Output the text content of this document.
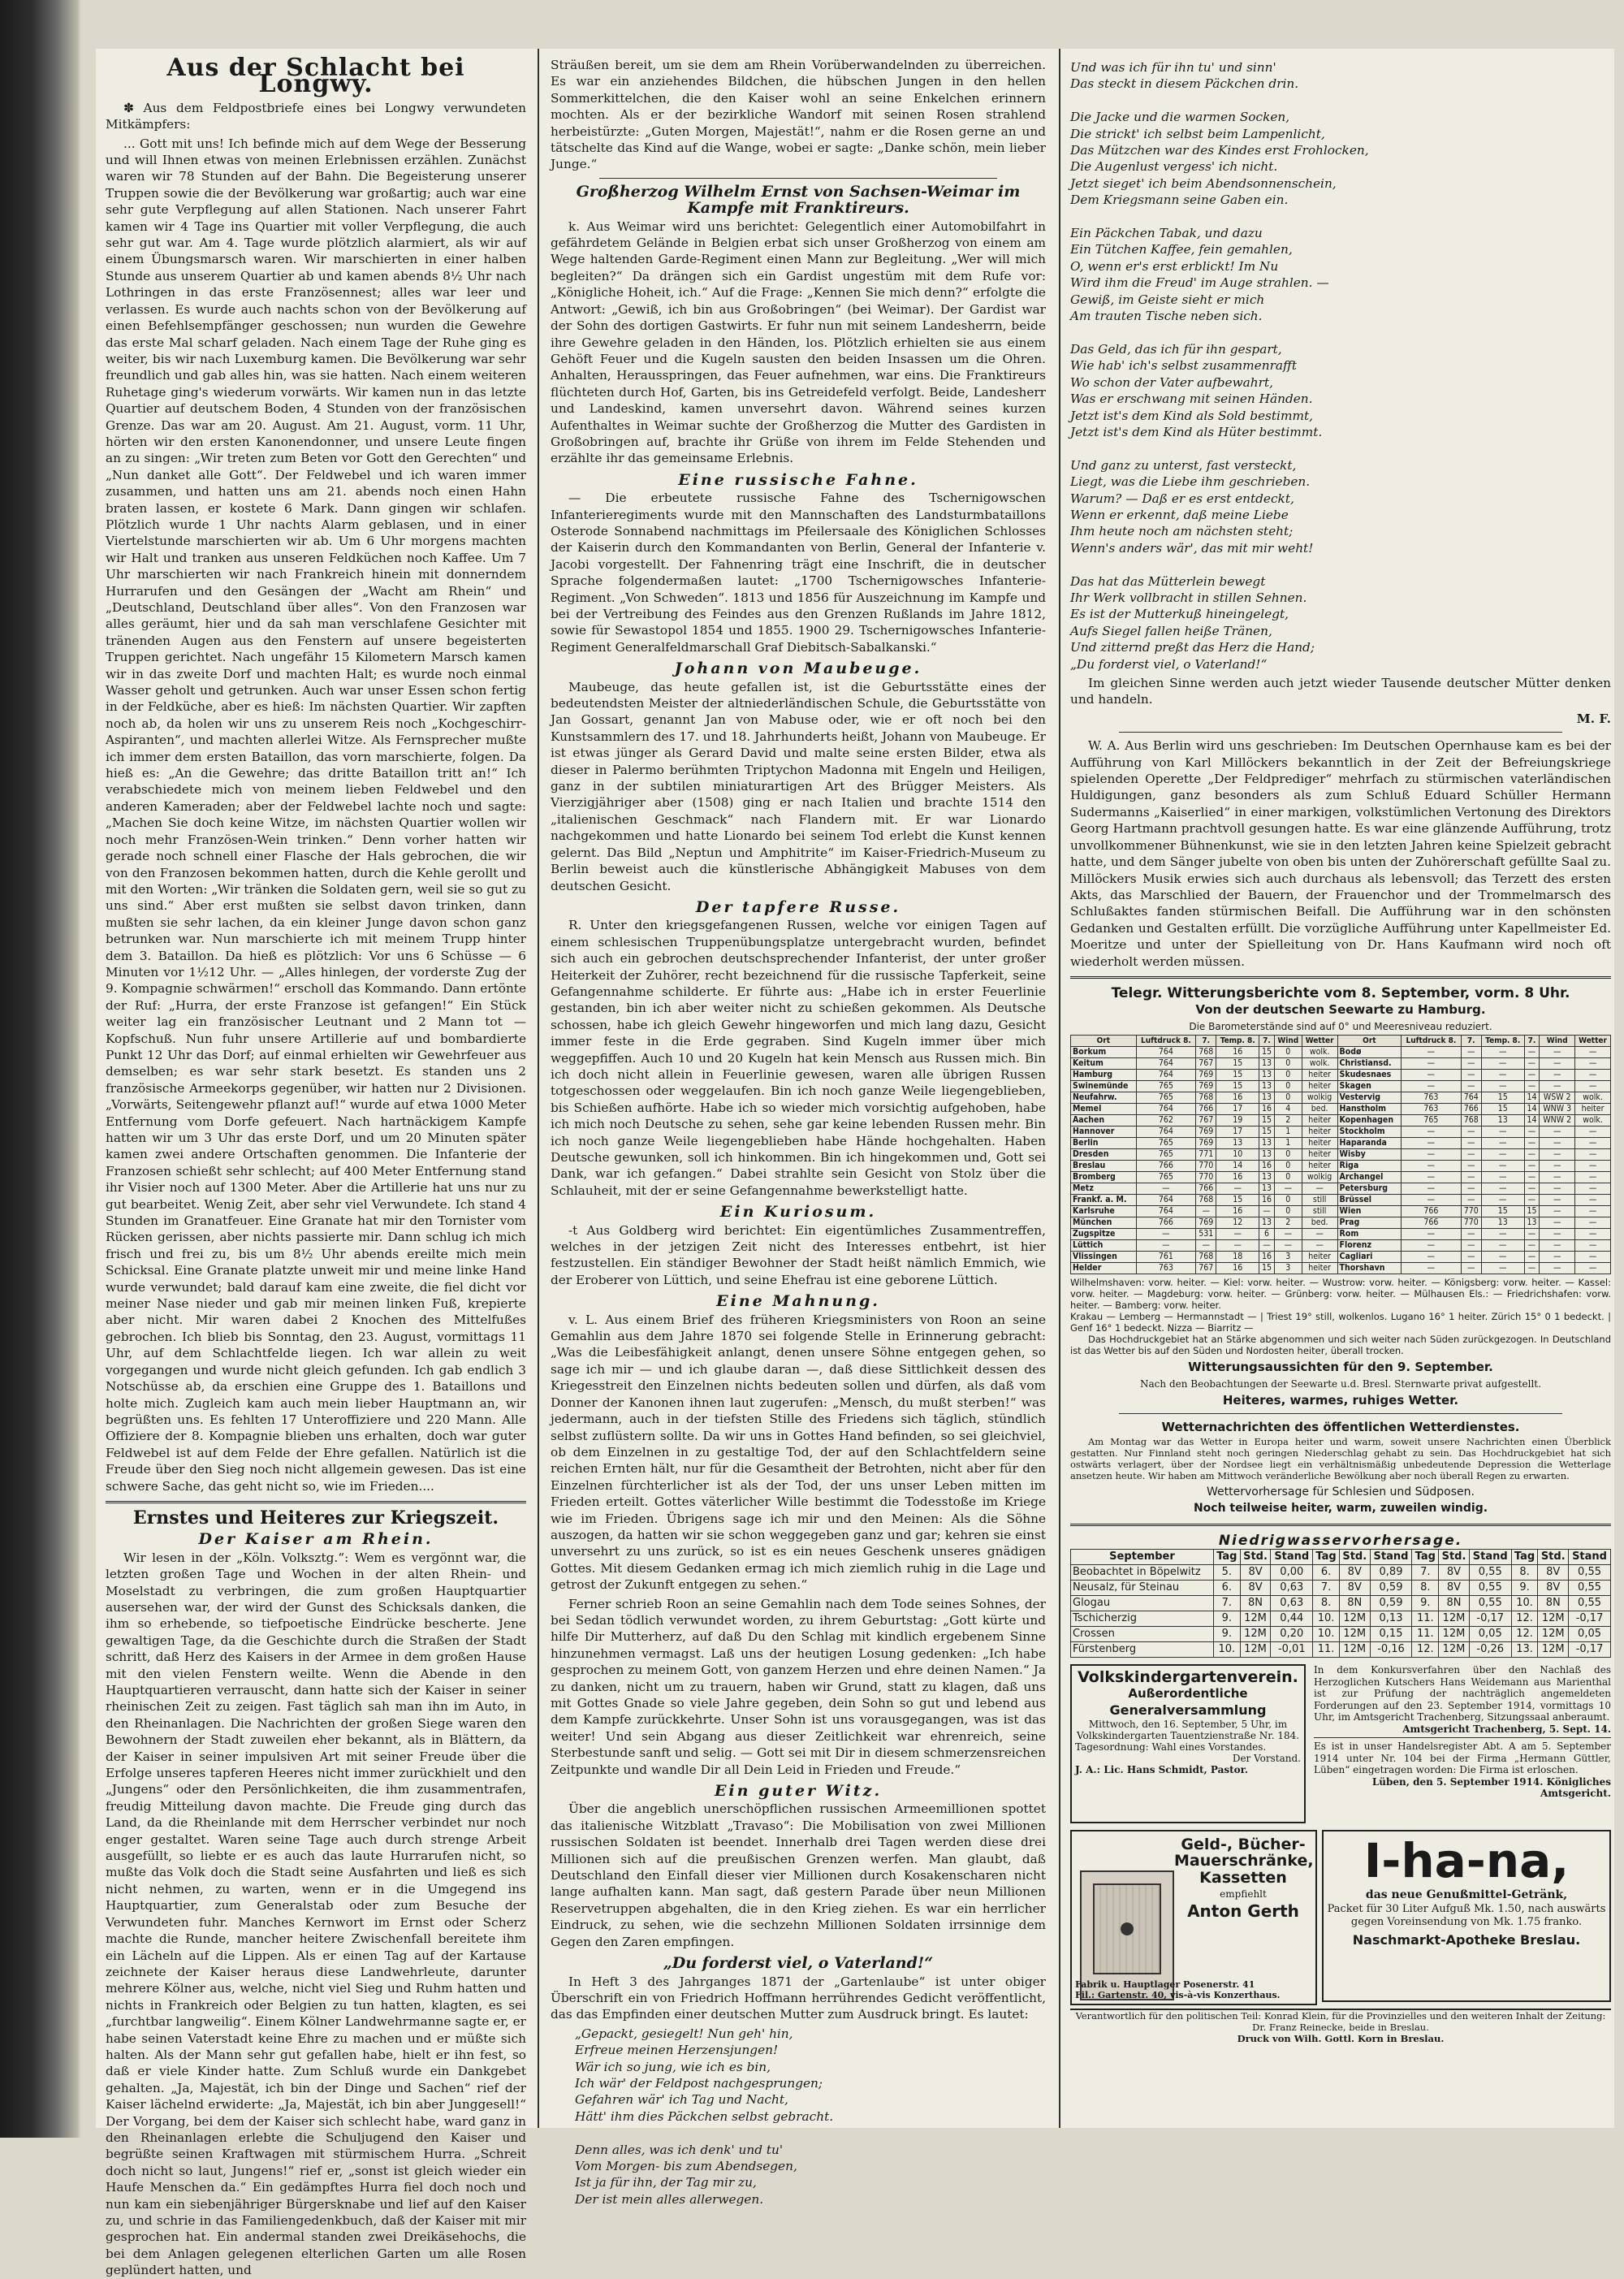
Aus der Schlacht bei Longwy.

✽ Aus dem Feldpostbriefe eines bei Longwy verwundeten Mitkämpfers:

... Gott mit uns! Ich befinde mich auf dem Wege der Besserung und will Ihnen etwas von meinen Erlebnissen erzählen. Zunächst waren wir 78 Stunden auf der Bahn. Die Begeisterung unserer Truppen sowie die der Bevölkerung war großartig; auch war eine sehr gute Verpflegung auf allen Stationen. Nach unserer Fahrt kamen wir 4 Tage ins Quartier mit voller Verpflegung, die auch sehr gut war. Am 4. Tage wurde plötzlich alarmiert, als wir auf einem Übungsmarsch waren. Wir marschierten in einer halben Stunde aus unserem Quartier ab und kamen abends 8½ Uhr nach Lothringen in das erste Französennest; alles war leer und verlassen. Es wurde auch nachts schon von der Bevölkerung auf einen Befehlsempfänger geschossen; nun wurden die Gewehre das erste Mal scharf geladen. Nach einem Tage der Ruhe ging es weiter, bis wir nach Luxemburg kamen. Die Bevölkerung war sehr freundlich und gab alles hin, was sie hatten. Nach einem weiteren Ruhetage ging's wiederum vorwärts. Wir kamen nun in das letzte Quartier auf deutschem Boden, 4 Stunden von der französischen Grenze. Das war am 20. August. Am 21. August, vorm. 11 Uhr, hörten wir den ersten Kanonendonner, und unsere Leute fingen an zu singen: „Wir treten zum Beten vor Gott den Gerechten“ und „Nun danket alle Gott“. Der Feldwebel und ich waren immer zusammen, und hatten uns am 21. abends noch einen Hahn braten lassen, er kostete 6 Mark. Dann gingen wir schlafen. Plötzlich wurde 1 Uhr nachts Alarm geblasen, und in einer Viertelstunde marschierten wir ab. Um 6 Uhr morgens machten wir Halt und tranken aus unseren Feldküchen noch Kaffee. Um 7 Uhr marschierten wir nach Frankreich hinein mit donnerndem Hurrarufen und den Gesängen der „Wacht am Rhein“ und „Deutschland, Deutschland über alles“. Von den Franzosen war alles geräumt, hier und da sah man verschlafene Gesichter mit tränenden Augen aus den Fenstern auf unsere begeisterten Truppen gerichtet. Nach ungefähr 15 Kilometern Marsch kamen wir in das zweite Dorf und machten Halt; es wurde noch einmal Wasser geholt und getrunken. Auch war unser Essen schon fertig in der Feldküche, aber es hieß: Im nächsten Quartier. Wir zapften noch ab, da holen wir uns zu unserem Reis noch „Kochgeschirr-Aspiranten“, und machten allerlei Witze. Als Fernsprecher mußte ich immer dem ersten Bataillon, das vorn marschierte, folgen. Da hieß es: „An die Gewehre; das dritte Bataillon tritt an!“ Ich verabschiedete mich von meinem lieben Feldwebel und den anderen Kameraden; aber der Feldwebel lachte noch und sagte: „Machen Sie doch keine Witze, im nächsten Quartier wollen wir noch mehr Französen-Wein trinken.“ Denn vorher hatten wir gerade noch schnell einer Flasche der Hals gebrochen, die wir von den Franzosen bekommen hatten, durch die Kehle gerollt und mit den Worten: „Wir tränken die Soldaten gern, weil sie so gut zu uns sind.“ Aber erst mußten sie selbst davon trinken, dann mußten sie sehr lachen, da ein kleiner Junge davon schon ganz betrunken war. Nun marschierte ich mit meinem Trupp hinter dem 3. Bataillon. Da hieß es plötzlich: Vor uns 6 Schüsse — 6 Minuten vor 1½12 Uhr. — „Alles hinlegen, der vorderste Zug der 9. Kompagnie schwärmen!“ erscholl das Kommando. Dann ertönte der Ruf: „Hurra, der erste Franzose ist gefangen!“ Ein Stück weiter lag ein französischer Leutnant und 2 Mann tot — Kopfschuß. Nun fuhr unsere Artillerie auf und bombardierte Punkt 12 Uhr das Dorf; auf einmal erhielten wir Gewehrfeuer aus demselben; es war sehr stark besetzt. Es standen uns 2 französische Armeekorps gegenüber, wir hatten nur 2 Divisionen. „Vorwärts, Seitengewehr pflanzt auf!“ wurde auf etwa 1000 Meter Entfernung vom Dorfe gefeuert. Nach hartnäckigem Kampfe hatten wir um 3 Uhr das erste Dorf, und um 20 Minuten später kamen zwei andere Ortschaften genommen. Die Infanterie der Franzosen schießt sehr schlecht; auf 400 Meter Entfernung stand ihr Visier noch auf 1300 Meter. Aber die Artillerie hat uns nur zu gut bearbeitet. Wenig Zeit, aber sehr viel Verwundete. Ich stand 4 Stunden im Granatfeuer. Eine Granate hat mir den Tornister vom Rücken gerissen, aber nichts passierte mir. Dann schlug ich mich frisch und frei zu, bis um 8½ Uhr abends ereilte mich mein Schicksal. Eine Granate platzte unweit mir und meine linke Hand wurde verwundet; bald darauf kam eine zweite, die fiel dicht vor meiner Nase nieder und gab mir meinen linken Fuß, krepierte aber nicht. Mir waren dabei 2 Knochen des Mittelfußes gebrochen. Ich blieb bis Sonntag, den 23. August, vormittags 11 Uhr, auf dem Schlachtfelde liegen. Ich war allein zu weit vorgegangen und wurde nicht gleich gefunden. Ich gab endlich 3 Notschüsse ab, da erschien eine Gruppe des 1. Bataillons und holte mich. Zugleich kam auch mein lieber Hauptmann an, wir begrüßten uns. Es fehlten 17 Unteroffiziere und 220 Mann. Alle Offiziere der 8. Kompagnie blieben uns erhalten, doch war guter Feldwebel ist auf dem Felde der Ehre gefallen. Natürlich ist die Freude über den Sieg noch nicht allgemein gewesen. Das ist eine schwere Sache, das geht nicht so, wie im Frieden....

Ernstes und Heiteres zur Kriegszeit.
Der Kaiser am Rhein.

Wir lesen in der „Köln. Volksztg.“: Wem es vergönnt war, die letzten großen Tage und Wochen in der alten Rhein- und Moselstadt zu verbringen, die zum großen Hauptquartier ausersehen war, der wird der Gunst des Schicksals danken, die ihm so erhebende, so tiefpoetische Eindrücke bescherte. Jene gewaltigen Tage, da die Geschichte durch die Straßen der Stadt schritt, daß Herz des Kaisers in der Armee in dem großen Hause mit den vielen Fenstern weilte. Wenn die Abende in den Hauptquartieren verrauscht, dann hatte sich der Kaiser in seiner rheinischen Zeit zu zeigen. Fast täglich sah man ihn im Auto, in den Rheinanlagen. Die Nachrichten der großen Siege waren den Bewohnern der Stadt zuweilen eher bekannt, als in Blättern, da der Kaiser in seiner impulsiven Art mit seiner Freude über die Erfolge unseres tapferen Heeres nicht immer zurückhielt und den „Jungens“ oder den Persönlichkeiten, die ihm zusammentrafen, freudig Mitteilung davon machte. Die Freude ging durch das Land, da die Rheinlande mit dem Herrscher verbindet nur noch enger gestaltet. Waren seine Tage auch durch strenge Arbeit ausgefüllt, so liebte er es auch das laute Hurrarufen nicht, so mußte das Volk doch die Stadt seine Ausfahrten und ließ es sich nicht nehmen, zu warten, wenn er in die Umgegend ins Hauptquartier, zum Generalstab oder zum Besuche der Verwundeten fuhr. Manches Kernwort im Ernst oder Scherz machte die Runde, mancher heitere Zwischenfall bereitete ihm ein Lächeln auf die Lippen. Als er einen Tag auf der Kartause zeichnete der Kaiser heraus diese Landwehrleute, darunter mehrere Kölner aus, welche, nicht viel Sieg und Ruhm hatten und nichts in Frankreich oder Belgien zu tun hatten, klagten, es sei „furchtbar langweilig“. Einem Kölner Landwehrmanne sagte er, er habe seinen Vaterstadt keine Ehre zu machen und er müßte sich halten. Als der Mann sehr gut gefallen habe, hielt er ihn fest, so daß er viele Kinder hatte. Zum Schluß wurde ein Dankgebet gehalten. „Ja, Majestät, ich bin der Dinge und Sachen“ rief der Kaiser lächelnd erwiderte: „Ja, Majestät, ich bin aber Junggesell!“ Der Vorgang, bei dem der Kaiser sich schlecht habe, ward ganz in den Rheinanlagen erlebte die Schuljugend den Kaiser und begrüßte seinen Kraftwagen mit stürmischem Hurra. „Schreit doch nicht so laut, Jungens!“ rief er, „sonst ist gleich wieder ein Haufe Menschen da.“ Ein gedämpftes Hurra fiel doch noch und nun kam ein siebenjähriger Bürgersknabe und lief auf den Kaiser zu, und schrie in das Familiengedenkbuch, daß der Kaiser mit mir gesprochen hat. Ein andermal standen zwei Dreikäsehochs, die bei dem Anlagen gelegenen elterlichen Garten um alle Rosen geplündert hatten, und

Sträußen bereit, um sie dem am Rhein Vorüberwandelnden zu überreichen. Es war ein anziehendes Bildchen, die hübschen Jungen in den hellen Sommerkittelchen, die den Kaiser wohl an seine Enkelchen erinnern mochten. Als er der bezirkliche Wandorf mit seinen Rosen strahlend herbeistürzte: „Guten Morgen, Majestät!“, nahm er die Rosen gerne an und tätschelte das Kind auf die Wange, wobei er sagte: „Danke schön, mein lieber Junge.“

Großherzog Wilhelm Ernst von Sachsen-Weimar im Kampfe mit Franktireurs.

k. Aus Weimar wird uns berichtet: Gelegentlich einer Automobilfahrt in gefährdetem Gelände in Belgien erbat sich unser Großherzog von einem am Wege haltenden Garde-Regiment einen Mann zur Begleitung. „Wer will mich begleiten?“ Da drängen sich ein Gardist ungestüm mit dem Rufe vor: „Königliche Hoheit, ich.“ Auf die Frage: „Kennen Sie mich denn?“ erfolgte die Antwort: „Gewiß, ich bin aus Großobringen“ (bei Weimar). Der Gardist war der Sohn des dortigen Gastwirts. Er fuhr nun mit seinem Landesherrn, beide ihre Gewehre geladen in den Händen, los. Plötzlich erhielten sie aus einem Gehöft Feuer und die Kugeln sausten den beiden Insassen um die Ohren. Anhalten, Herausspringen, das Feuer aufnehmen, war eins. Die Franktireurs flüchteten durch Hof, Garten, bis ins Getreidefeld verfolgt. Beide, Landesherr und Landeskind, kamen unversehrt davon. Während seines kurzen Aufenthaltes in Weimar suchte der Großherzog die Mutter des Gardisten in Großobringen auf, brachte ihr Grüße von ihrem im Felde Stehenden und erzählte ihr das gemeinsame Erlebnis.

Eine russische Fahne.

— Die erbeutete russische Fahne des Tschernigowschen Infanterieregiments wurde mit den Mannschaften des Landsturmbataillons Osterode Sonnabend nachmittags im Pfeilersaale des Königlichen Schlosses der Kaiserin durch den Kommandanten von Berlin, General der Infanterie v. Jacobi vorgestellt. Der Fahnenring trägt eine Inschrift, die in deutscher Sprache folgendermaßen lautet: „1700 Tschernigowsches Infanterie-Regiment. „Von Schweden“. 1813 und 1856 für Auszeichnung im Kampfe und bei der Vertreibung des Feindes aus den Grenzen Rußlands im Jahre 1812, sowie für Sewastopol 1854 und 1855. 1900 29. Tschernigowsches Infanterie-Regiment Generalfeldmarschall Graf Diebitsch-Sabalkanski.“

Johann von Maubeuge.

Maubeuge, das heute gefallen ist, ist die Geburtsstätte eines der bedeutendsten Meister der altniederländischen Schule, die Geburtsstätte von Jan Gossart, genannt Jan von Mabuse oder, wie er oft noch bei den Kunstsammlern des 17. und 18. Jahrhunderts heißt, Johann von Maubeuge. Er ist etwas jünger als Gerard David und malte seine ersten Bilder, etwa als dieser in Palermo berühmten Triptychon Madonna mit Engeln und Heiligen, ganz in der subtilen miniaturartigen Art des Brügger Meisters. Als Vierzigjähriger aber (1508) ging er nach Italien und brachte 1514 den „italienischen Geschmack“ nach Flandern mit. Er war Lionardo nachgekommen und hatte Lionardo bei seinem Tod erlebt die Kunst kennen gelernt. Das Bild „Neptun und Amphitrite“ im Kaiser-Friedrich-Museum zu Berlin beweist auch die künstlerische Abhängigkeit Mabuses von dem deutschen Gesicht.

Der tapfere Russe.

R. Unter den kriegsgefangenen Russen, welche vor einigen Tagen auf einem schlesischen Truppenübungsplatze untergebracht wurden, befindet sich auch ein gebrochen deutschsprechender Infanterist, der unter großer Heiterkeit der Zuhörer, recht bezeichnend für die russische Tapferkeit, seine Gefangennahme schilderte. Er führte aus: „Habe ich in erster Feuerlinie gestanden, bin ich aber weiter nicht zu schießen gekommen. Als Deutsche schossen, habe ich gleich Gewehr hingeworfen und mich lang dazu, Gesicht immer feste in die Erde gegraben. Sind Kugeln immer über mich weggepfiffen. Auch 10 und 20 Kugeln hat kein Mensch aus Russen mich. Bin ich doch nicht allein in Feuerlinie gewesen, waren alle übrigen Russen totgeschossen oder weggelaufen. Bin ich noch ganze Weile liegengeblieben, bis Schießen aufhörte. Habe ich so wieder mich vorsichtig aufgehoben, habe ich mich noch Deutsche zu sehen, sehe gar keine lebenden Russen mehr. Bin ich noch ganze Weile liegengeblieben habe Hände hochgehalten. Haben Deutsche gewunken, soll ich hinkommen. Bin ich hingekommen und, Gott sei Dank, war ich gefangen.“ Dabei strahlte sein Gesicht von Stolz über die Schlauheit, mit der er seine Gefangennahme bewerkstelligt hatte.

Ein Kuriosum.

-t Aus Goldberg wird berichtet: Ein eigentümliches Zusammentreffen, welches in der jetzigen Zeit nicht des Interesses entbehrt, ist hier festzustellen. Ein ständiger Bewohner der Stadt heißt nämlich Emmich, wie der Eroberer von Lüttich, und seine Ehefrau ist eine geborene Lüttich.

Eine Mahnung.

v. L. Aus einem Brief des früheren Kriegsministers von Roon an seine Gemahlin aus dem Jahre 1870 sei folgende Stelle in Erinnerung gebracht: „Was die Leibesfähigkeit anlangt, denen unsere Söhne entgegen gehen, so sage ich mir — und ich glaube daran —, daß diese Sittlichkeit dessen des Kriegesstreit den Einzelnen nichts bedeuten sollen und dürfen, als daß vom Donner der Kanonen ihnen laut zugerufen: „Mensch, du mußt sterben!“ was jedermann, auch in der tiefsten Stille des Friedens sich täglich, stündlich selbst zuflüstern sollte. Da wir uns in Gottes Hand befinden, so sei gleichviel, ob dem Einzelnen in zu gestaltige Tod, der auf den Schlachtfeldern seine reichen Ernten hält, nur für die Gesamtheit der Betrohten, nicht aber für den Einzelnen fürchterlicher ist als der Tod, der uns unser Leben mitten im Frieden erteilt. Gottes väterlicher Wille bestimmt die Todesstoße im Kriege wie im Frieden. Übrigens sage ich mir und den Meinen: Als die Söhne auszogen, da hatten wir sie schon weggegeben ganz und gar; kehren sie einst unversehrt zu uns zurück, so ist es ein neues Geschenk unseres gnädigen Gottes. Mit diesem Gedanken ermag ich mich ziemlich ruhig in die Lage und getrost der Zukunft entgegen zu sehen.“

Ferner schrieb Roon an seine Gemahlin nach dem Tode seines Sohnes, der bei Sedan tödlich verwundet worden, zu ihrem Geburtstag: „Gott kürte und hilfe Dir Mutterherz, auf daß Du den Schlag mit kindlich ergebenem Sinne hinzunehmen vermagst. Laß uns der heutigen Losung gedenken: „Ich habe gesprochen zu meinem Gott, von ganzem Herzen und ehre deinen Namen.“ Ja zu danken, nicht um zu trauern, haben wir Grund, statt zu klagen, daß uns mit Gottes Gnade so viele Jahre gegeben, dein Sohn so gut und lebend aus dem Kampfe zurückkehrte. Unser Sohn ist uns vorausgegangen, was ist das weiter! Und sein Abgang aus dieser Zeitlichkeit war ehrenreich, seine Sterbestunde sanft und selig. — Gott sei mit Dir in diesem schmerzensreichen Zeitpunkte und wandle Dir all Dein Leid in Frieden und Freude.“

Ein guter Witz.

Über die angeblich unerschöpflichen russischen Armeemillionen spottet das italienische Witzblatt „Travaso“: Die Mobilisation von zwei Millionen russischen Soldaten ist beendet. Innerhalb drei Tagen werden diese drei Millionen sich auf die preußischen Grenzen werfen. Man glaubt, daß Deutschland den Einfall dieser vier Millionen durch Kosakenscharen nicht lange aufhalten kann. Man sagt, daß gestern Parade über neun Millionen Reservetruppen abgehalten, die in den Krieg ziehen. Es war ein herrlicher Eindruck, zu sehen, wie die sechzehn Millionen Soldaten irrsinnige dem Gegen den Zaren empfingen.

„Du forderst viel, o Vaterland!“

In Heft 3 des Jahrganges 1871 der „Gartenlaube“ ist unter obiger Überschrift ein von Friedrich Hoffmann herrührendes Gedicht veröffentlicht, das das Empfinden einer deutschen Mutter zum Ausdruck bringt. Es lautet:

„Gepackt, gesiegelt! Nun geh' hin,
Erfreue meinen Herzensjungen!
Wär ich so jung, wie ich es bin,
Ich wär' der Feldpost nachgesprungen;
Gefahren wär' ich Tag und Nacht,
Hätt' ihm dies Päckchen selbst gebracht.

Denn alles, was ich denk' und tu'
Vom Morgen- bis zum Abendsegen,
Ist ja für ihn, der Tag mir zu,
Der ist mein alles allerwegen.
Und was ich für ihn tu' und sinn'
Das steckt in diesem Päckchen drin.

Die Jacke und die warmen Socken,
Die strickt' ich selbst beim Lampenlicht,
Das Mützchen war des Kindes erst Frohlocken,
Die Augenlust vergess' ich nicht.
Jetzt sieget' ich beim Abendsonnenschein,
Dem Kriegsmann seine Gaben ein.

Ein Päckchen Tabak, und dazu
Ein Tütchen Kaffee, fein gemahlen,
O, wenn er's erst erblickt! Im Nu
Wird ihm die Freud' im Auge strahlen. —
Gewiß, im Geiste sieht er mich
Am trauten Tische neben sich.

Das Geld, das ich für ihn gespart,
Wie hab' ich's selbst zusammenrafft
Wo schon der Vater aufbewahrt,
Was er erschwang mit seinen Händen.
Jetzt ist's dem Kind als Sold bestimmt,
Jetzt ist's dem Kind als Hüter bestimmt.

Und ganz zu unterst, fast versteckt,
Liegt, was die Liebe ihm geschrieben.
Warum? — Daß er es erst entdeckt,
Wenn er erkennt, daß meine Liebe
Ihm heute noch am nächsten steht;
Wenn's anders wär', das mit mir weht!

Das hat das Mütterlein bewegt
Ihr Werk vollbracht in stillen Sehnen.
Es ist der Mutterkuß hineingelegt,
Aufs Siegel fallen heiße Tränen,
Und zitternd preßt das Herz die Hand;
„Du forderst viel, o Vaterland!“

Im gleichen Sinne werden auch jetzt wieder Tausende deutscher Mütter denken und handeln.

M. F.

W. A. Aus Berlin wird uns geschrieben: Im Deutschen Opernhause kam es bei der Aufführung von Karl Millöckers bekanntlich in der Zeit der Befreiungskriege spielenden Operette „Der Feldprediger“ mehrfach zu stürmischen vaterländischen Huldigungen, ganz besonders als zum Schluß Eduard Schüller Hermann Sudermanns „Kaiserlied“ in einer markigen, volkstümlichen Vertonung des Direktors Georg Hartmann prachtvoll gesungen hatte. Es war eine glänzende Aufführung, trotz unvollkommener Bühnenkunst, wie sie in den letzten Jahren keine Spielzeit gebracht hatte, und dem Sänger jubelte von oben bis unten der Zuhörerschaft gefüllte Saal zu. Millöckers Musik erwies sich auch durchaus als lebensvoll; das Terzett des ersten Akts, das Marschlied der Bauern, der Frauenchor und der Trommelmarsch des Schlußaktes fanden stürmischen Beifall. Die Aufführung war in den schönsten Gedanken und Gestalten erfüllt. Die vorzügliche Aufführung unter Kapellmeister Ed. Moeritze und unter der Spielleitung von Dr. Hans Kaufmann wird noch oft wiederholt werden müssen.

Telegr. Witterungsberichte vom 8. September, vorm. 8 Uhr.
Von der deutschen Seewarte zu Hamburg.
Die Barometerstände sind auf 0° und Meeresniveau reduziert.
Ort	Luftdruck 8.	7.	Temp. 8.	7.	Wind	Wetter	Ort	Luftdruck 8.	7.	Temp. 8.	7.	Wind	Wetter
Borkum	764	768	16	15	0	wolk.	Bodø	—	—	—	—	—	—
Keitum	764	767	15	13	0	wolk.	Christiansd.	—	—	—	—	—	—
Hamburg	764	769	15	13	0	heiter	Skudesnaes	—	—	—	—	—	—
Swinemünde	765	769	15	13	0	heiter	Skagen	—	—	—	—	—	—
Neufahrw.	765	768	16	13	0	wolkig	Vestervig	763	764	15	14	WSW 2	wolk.
Memel	764	766	17	16	4	bed.	Hanstholm	763	766	15	14	WNW 3	heiter
Aachen	762	767	19	15	2	heiter	Kopenhagen	765	768	13	14	WNW 2	wolk.
Hannover	764	769	17	15	1	heiter	Stockholm	—	—	—	—	—	—
Berlin	765	769	13	13	1	heiter	Haparanda	—	—	—	—	—	—
Dresden	765	771	10	13	0	heiter	Wisby	—	—	—	—	—	—
Breslau	766	770	14	16	0	heiter	Riga	—	—	—	—	—	—
Bromberg	765	770	16	13	0	wolkig	Archangel	—	—	—	—	—	—
Metz	—	766	—	13	—	—	Petersburg	—	—	—	—	—	—
Frankf. a. M.	764	768	15	16	0	still	Brüssel	—	—	—	—	—	—
Karlsruhe	764	—	16	—	0	still	Wien	766	770	15	15	—	—
München	766	769	12	13	2	bed.	Prag	766	770	13	13	—	—
Zugspitze	—	531	—	6	—	—	Rom	—	—	—	—	—	—
Lüttich	—	—	—	—	—	—	Florenz	—	—	—	—	—	—
Vlissingen	761	768	18	16	3	heiter	Cagliari	—	—	—	—	—	—
Helder	763	767	16	15	3	heiter	Thorshavn	—	—	—	—	—	—
Wilhelmshaven: vorw. heiter. — Kiel: vorw. heiter. — Wustrow: vorw. heiter. — Königsberg: vorw. heiter. — Kassel: vorw. heiter. — Magdeburg: vorw. heiter. — Grünberg: vorw. heiter. — Mülhausen Els.: — Friedrichshafen: vorw. heiter. — Bamberg: vorw. heiter.
Krakau — Lemberg — Hermannstadt — | Triest 19° still, wolkenlos. Lugano 16° 1 heiter. Zürich 15° 0 1 bedeckt. | Genf 16° 1 bedeckt. Nizza — Biarritz —

Das Hochdruckgebiet hat an Stärke abgenommen und sich weiter nach Süden zurückgezogen. In Deutschland ist das Wetter bis auf den Süden und Nordosten heiter, überall trocken.

Witterungsaussichten für den 9. September.
Nach den Beobachtungen der Seewarte u.d. Bresl. Sternwarte privat aufgestellt.
Heiteres, warmes, ruhiges Wetter.
Wetternachrichten des öffentlichen Wetterdienstes.

Am Montag war das Wetter in Europa heiter und warm, soweit unsere Nachrichten einen Überblick gestatten. Nur Finnland steht noch geringen Niederschlag gehabt zu sein. Das Hochdruckgebiet hat sich ostwärts verlagert, über der Nordsee liegt ein verhältnismäßig unbedeutende Depression die Wetterlage ansetzen heute. Wir haben am Mittwoch veränderliche Bewölkung aber noch überall Regen zu erwarten.

Wettervorhersage für Schlesien und Südposen.
Noch teilweise heiter, warm, zuweilen windig.
Niedrigwasservorhersage.
September	Tag	Std.	Stand	Tag	Std.	Stand	Tag	Std.	Stand	Tag	Std.	Stand
Beobachtet in Böpelwitz	5.	8V	0,00	6.	8V	0,89	7.	8V	0,55	8.	8V	0,55
Neusalz, für Steinau	6.	8V	0,63	7.	8V	0,59	8.	8V	0,55	9.	8V	0,55
Glogau	7.	8N	0,63	8.	8N	0,59	9.	8N	0,55	10.	8N	0,55
Tschicherzig	9.	12M	0,44	10.	12M	0,13	11.	12M	-0,17	12.	12M	-0,17
Crossen	9.	12M	0,20	10.	12M	0,15	11.	12M	0,05	12.	12M	0,05
Fürstenberg	10.	12M	-0,01	11.	12M	-0,16	12.	12M	-0,26	13.	12M	-0,17
Volkskindergartenverein.
Außerordentliche
Generalversammlung
Mittwoch, den 16. September, 5 Uhr, im Volkskindergarten Tauentzienstraße Nr. 184.
Tagesordnung: Wahl eines Vorstandes.
Der Vorstand.
J. A.: Lic. Hans Schmidt, Pastor.
In dem Konkursverfahren über den Nachlaß des Herzoglichen Kutschers Hans Weidemann aus Marienthal ist zur Prüfung der nachträglich angemeldeten Forderungen auf den 23. September 1914, vormittags 10 Uhr, im Amtsgericht Trachenberg, Sitzungssaal anberaumt.
Amtsgericht Trachenberg, 5. Sept. 14.
Es ist in unser Handelsregister Abt. A am 5. September 1914 unter Nr. 104 bei der Firma „Hermann Güttler, Lüben“ eingetragen worden: Die Firma ist erloschen.
Lüben, den 5. September 1914. Königliches Amtsgericht.
Geld-, Bücher-
Mauerschränke,
Kassetten
empfiehlt
Anton Gerth
Fabrik u. Hauptlager Posenerstr. 41
Fil.: Gartenstr. 40, vis-à-vis Konzerthaus.
I-ha-na,
das neue Genußmittel-Getränk,
Packet für 30 Liter Aufguß Mk. 1.50, nach auswärts gegen Voreinsendung von Mk. 1.75 franko.
Naschmarkt-Apotheke Breslau.
Verantwortlich für den politischen Teil: Konrad Klein, für die Provinzielles und den weiteren Inhalt der Zeitung: Dr. Franz Reinecke, beide in Breslau.
Druck von Wilh. Gottl. Korn in Breslau.
